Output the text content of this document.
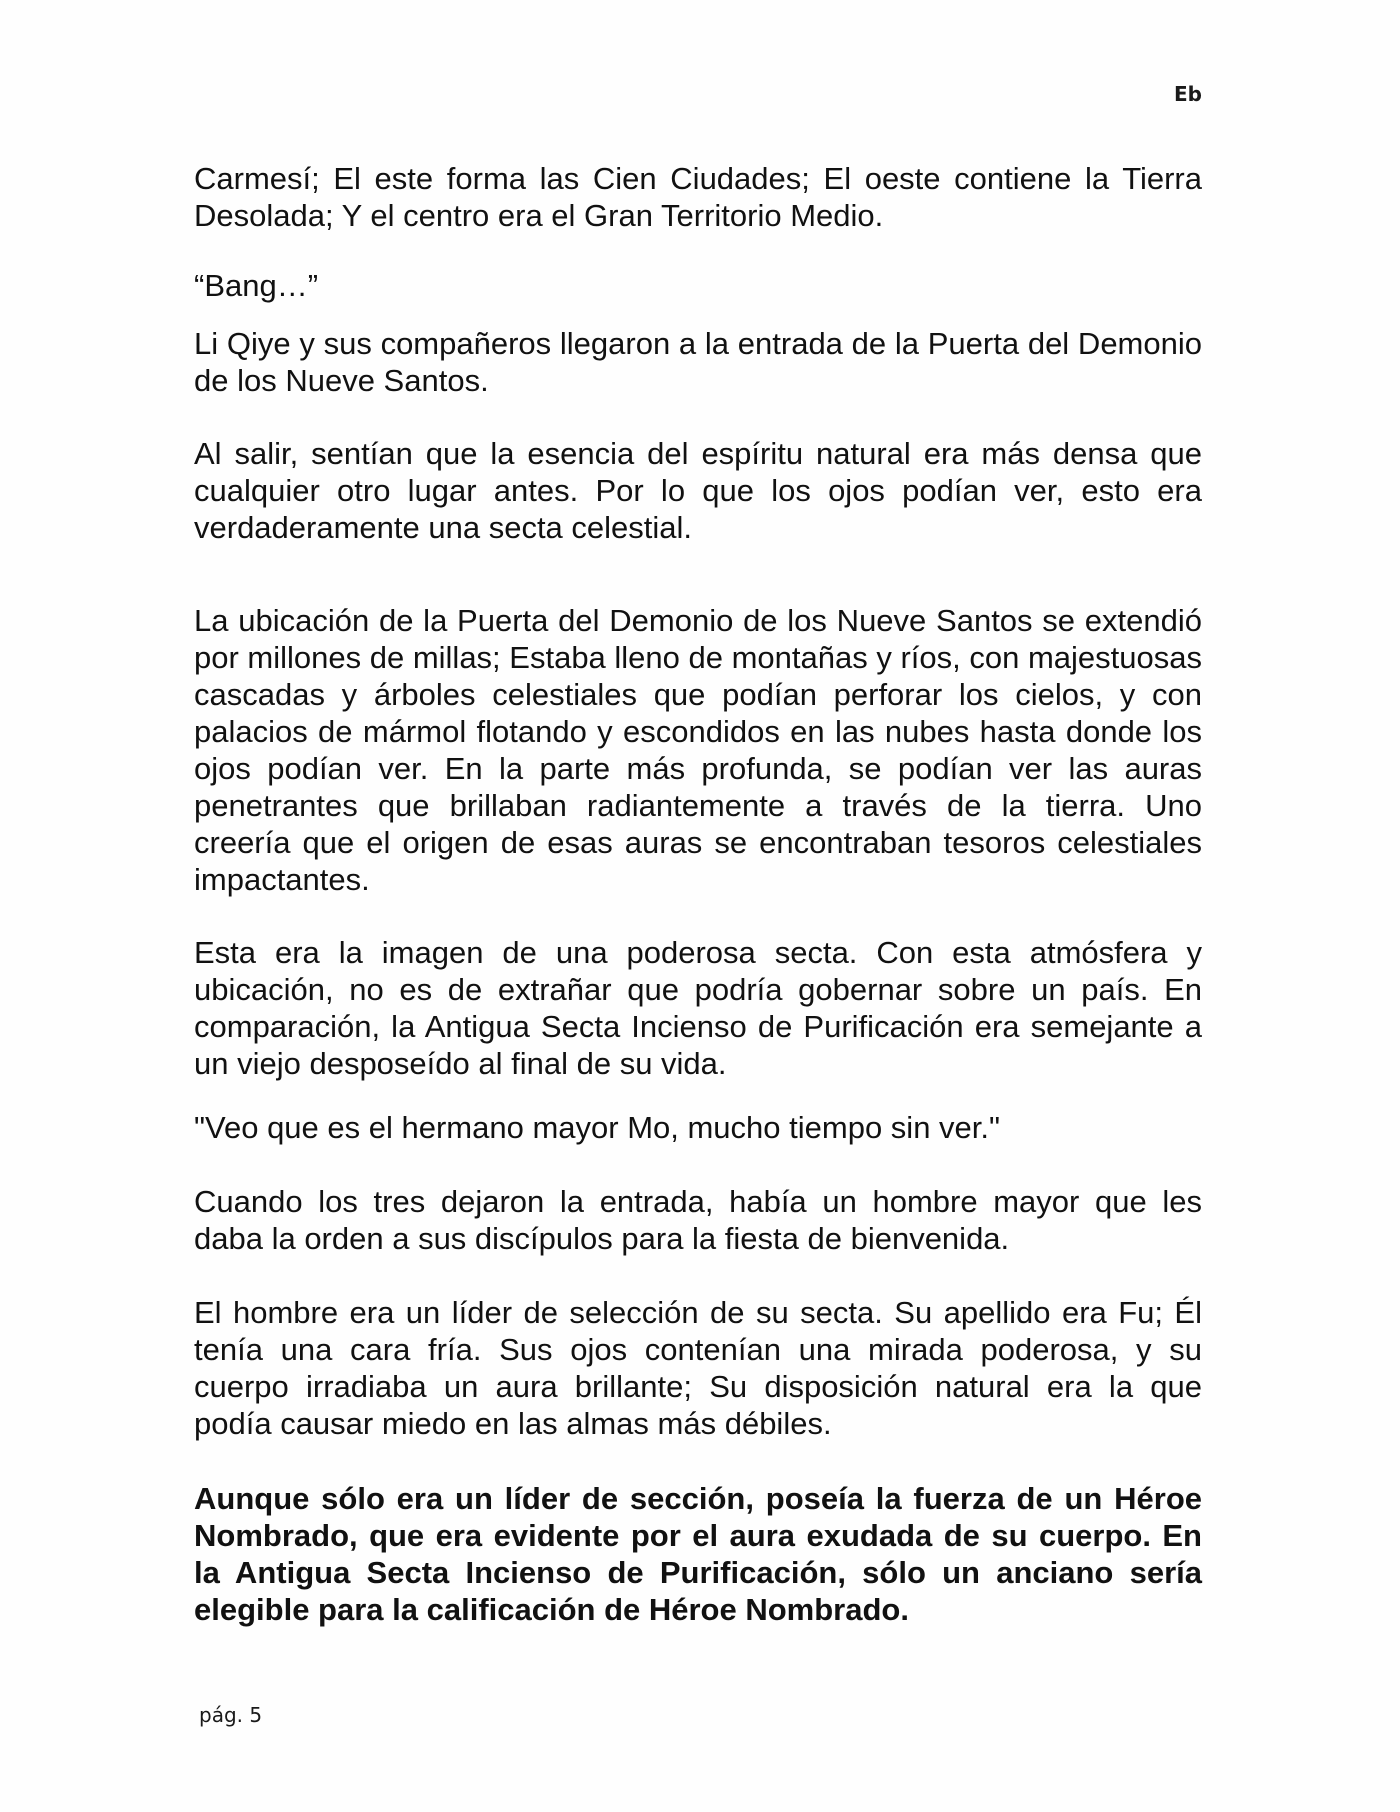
Eb

Carmesí; El este forma las Cien Ciudades; El oeste contiene la Tierra Desolada; Y el centro era el Gran Territorio Medio.

“Bang…”

Li Qiye y sus compañeros llegaron a la entrada de la Puerta del Demonio de los Nueve Santos.

Al salir, sentían que la esencia del espíritu natural era más densa que cualquier otro lugar antes. Por lo que los ojos podían ver, esto era verdaderamente una secta celestial.

La ubicación de la Puerta del Demonio de los Nueve Santos se extendió por millones de millas; Estaba lleno de montañas y ríos, con majestuosas cascadas y árboles celestiales que podían perforar los cielos, y con palacios de mármol flotando y escondidos en las nubes hasta donde los ojos podían ver. En la parte más profunda, se podían ver las auras penetrantes que brillaban radiantemente a través de la tierra. Uno creería que el origen de esas auras se encontraban tesoros celestiales impactantes.

Esta era la imagen de una poderosa secta. Con esta atmósfera y ubicación, no es de extrañar que podría gobernar sobre un país. En comparación, la Antigua Secta Incienso de Purificación era semejante a un viejo desposeído al final de su vida.

"Veo que es el hermano mayor Mo, mucho tiempo sin ver."

Cuando los tres dejaron la entrada, había un hombre mayor que les daba la orden a sus discípulos para la fiesta de bienvenida.

El hombre era un líder de selección de su secta. Su apellido era Fu; Él tenía una cara fría. Sus ojos contenían una mirada poderosa, y su cuerpo irradiaba un aura brillante; Su disposición natural era la que podía causar miedo en las almas más débiles.

Aunque sólo era un líder de sección, poseía la fuerza de un Héroe Nombrado, que era evidente por el aura exudada de su cuerpo. En la Antigua Secta Incienso de Purificación, sólo un anciano sería elegible para la calificación de Héroe Nombrado.

pág. 5
